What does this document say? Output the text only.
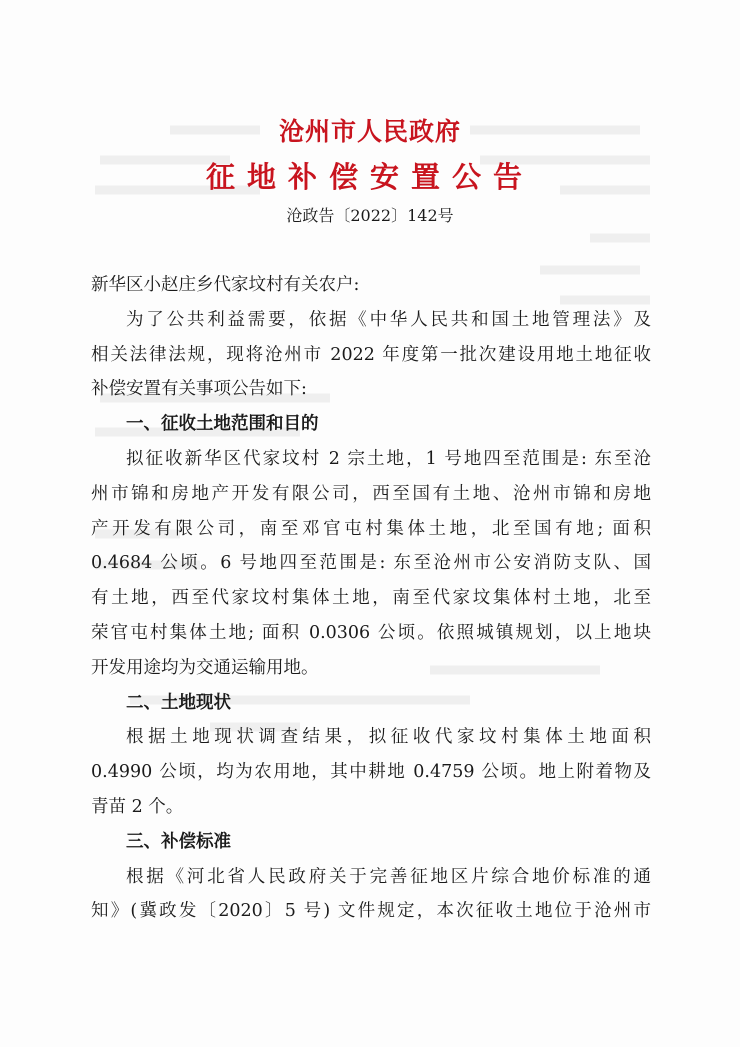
沧州市人民政府
征地补偿安置公告
沧政告〔2022〕142号
新华区小赵庄乡代家坟村有关农户:
为了公共利益需要，依据《中华人民共和国土地管理法》及
相关法律法规，现将沧州市 2022 年度第一批次建设用地土地征收
补偿安置有关事项公告如下:
一、征收土地范围和目的
拟征收新华区代家坟村 2 宗土地，1 号地四至范围是: 东至沧
州市锦和房地产开发有限公司，西至国有土地、沧州市锦和房地
产开发有限公司，南至邓官屯村集体土地，北至国有地; 面积
0.4684 公顷。6 号地四至范围是: 东至沧州市公安消防支队、国
有土地，西至代家坟村集体土地，南至代家坟集体村土地，北至
荣官屯村集体土地; 面积 0.0306 公顷。依照城镇规划，以上地块
开发用途均为交通运输用地。
二、土地现状
根据土地现状调查结果，拟征收代家坟村集体土地面积
0.4990 公顷，均为农用地，其中耕地 0.4759 公顷。地上附着物及
青苗 2 个。
三、补偿标准
根据《河北省人民政府关于完善征地区片综合地价标准的通
知》(冀政发〔2020〕5 号) 文件规定，本次征收土地位于沧州市
